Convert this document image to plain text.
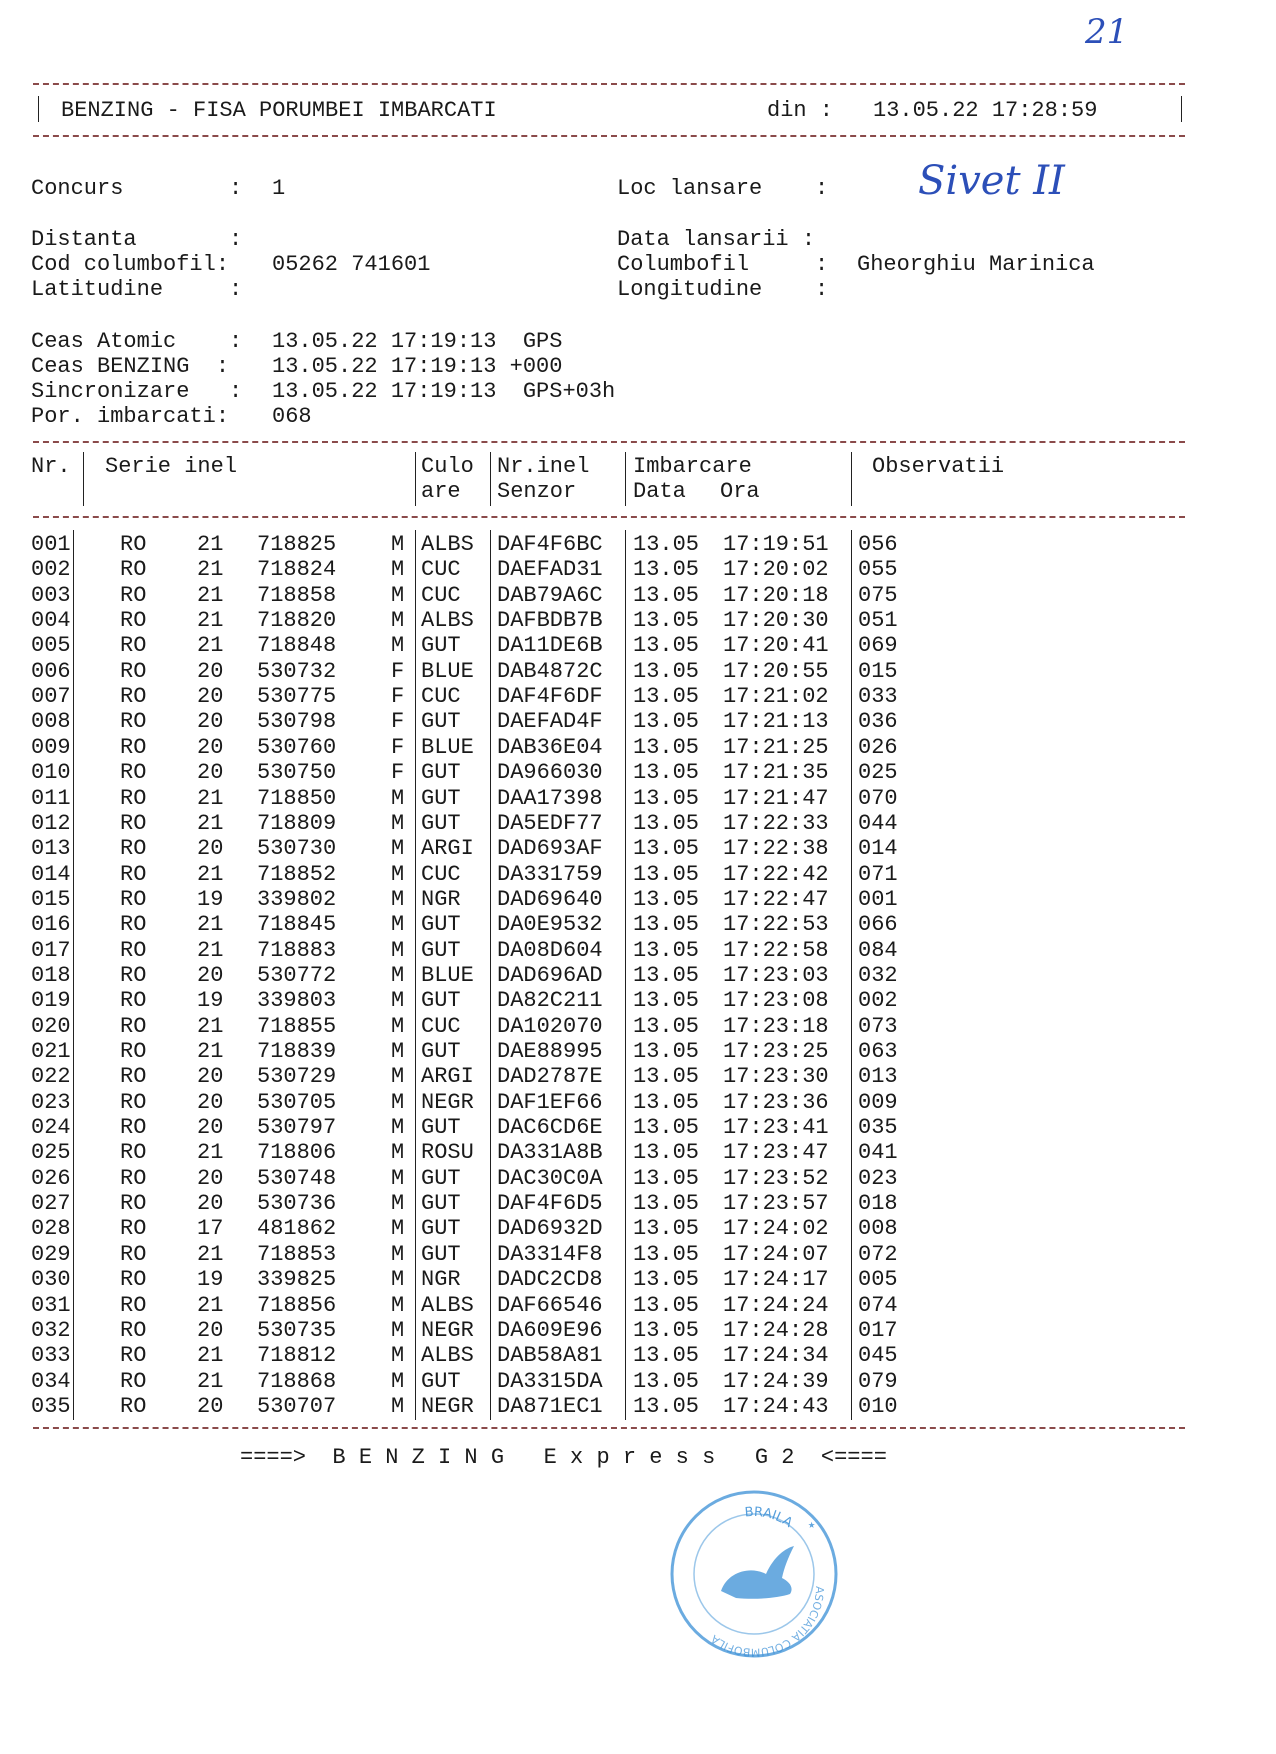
21
BENZING - FISA PORUMBEI IMBARCATI	din : 13.05.22 17:28:59
Concurs        : 1	Loc lansare    : Sivet II
Distanta       :
Cod columbofil: 05262 741601
Latitudine     :
Data lansarii :
Columbofil     : Gheorghiu Marinica
Longitudine    :
Ceas Atomic    : 13.05.22 17:19:13  GPS
Ceas BENZING  : 13.05.22 17:19:13 +000
Sincronizare   : 13.05.22 17:19:13  GPS+03h
Por. imbarcati: 068
Nr. Serie inel	Culo
are
Nr.inel
Senzor
Imbarcare
Data Ora
Observatii
001 RO 21 718825 M ALBS DAF4F6BC 13.05 17:19:51 056
002 RO 21 718824 M CUC DAEFAD31 13.05 17:20:02 055
003 RO 21 718858 M CUC DAB79A6C 13.05 17:20:18 075
004 RO 21 718820 M ALBS DAFBDB7B 13.05 17:20:30 051
005 RO 21 718848 M GUT DA11DE6B 13.05 17:20:41 069
006 RO 20 530732 F BLUE DAB4872C 13.05 17:20:55 015
007 RO 20 530775 F CUC DAF4F6DF 13.05 17:21:02 033
008 RO 20 530798 F GUT DAEFAD4F 13.05 17:21:13 036
009 RO 20 530760 F BLUE DAB36E04 13.05 17:21:25 026
010 RO 20 530750 F GUT DA966030 13.05 17:21:35 025
011 RO 21 718850 M GUT DAA17398 13.05 17:21:47 070
012 RO 21 718809 M GUT DA5EDF77 13.05 17:22:33 044
013 RO 20 530730 M ARGI DAD693AF 13.05 17:22:38 014
014 RO 21 718852 M CUC DA331759 13.05 17:22:42 071
015 RO 19 339802 M NGR DAD69640 13.05 17:22:47 001
016 RO 21 718845 M GUT DA0E9532 13.05 17:22:53 066
017 RO 21 718883 M GUT DA08D604 13.05 17:22:58 084
018 RO 20 530772 M BLUE DAD696AD 13.05 17:23:03 032
019 RO 19 339803 M GUT DA82C211 13.05 17:23:08 002
020 RO 21 718855 M CUC DA102070 13.05 17:23:18 073
021 RO 21 718839 M GUT DAE88995 13.05 17:23:25 063
022 RO 20 530729 M ARGI DAD2787E 13.05 17:23:30 013
023 RO 20 530705 M NEGR DAF1EF66 13.05 17:23:36 009
024 RO 20 530797 M GUT DAC6CD6E 13.05 17:23:41 035
025 RO 21 718806 M ROSU DA331A8B 13.05 17:23:47 041
026 RO 20 530748 M GUT DAC30C0A 13.05 17:23:52 023
027 RO 20 530736 M GUT DAF4F6D5 13.05 17:23:57 018
028 RO 17 481862 M GUT DAD6932D 13.05 17:24:02 008
029 RO 21 718853 M GUT DA3314F8 13.05 17:24:07 072
030 RO 19 339825 M NGR DADC2CD8 13.05 17:24:17 005
031 RO 21 718856 M ALBS DAF66546 13.05 17:24:24 074
032 RO 20 530735 M NEGR DA609E96 13.05 17:24:28 017
033 RO 21 718812 M ALBS DAB58A81 13.05 17:24:34 045
034 RO 21 718868 M GUT DA3315DA 13.05 17:24:39 079
035 RO 20 530707 M NEGR DA871EC1 13.05 17:24:43 010
====>  B E N Z I N G   E x p r e s s   G 2  <====
BRAILA
ASOCIATIA COLUMBOFILA
★
